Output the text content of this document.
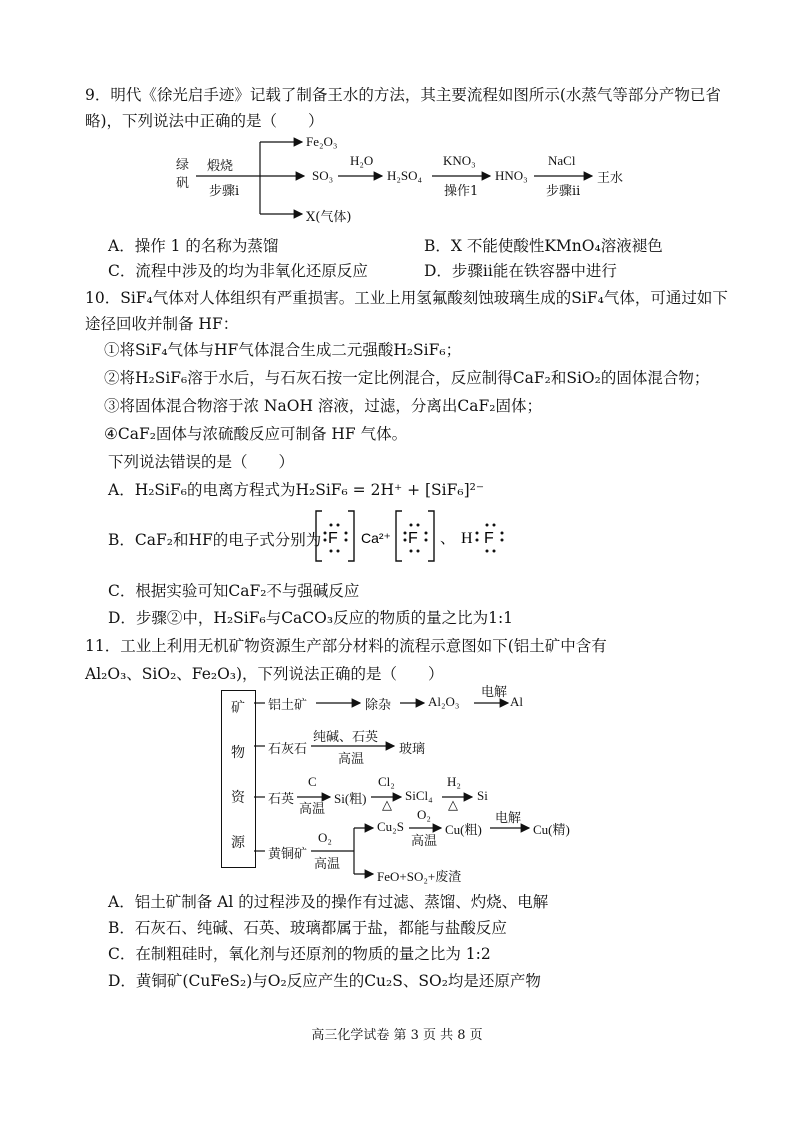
9．明代《徐光启手迹》记载了制备王水的方法，其主要流程如图所示(水蒸气等部分产物已省
略)，下列说法中正确的是（　　）
绿矾
煅烧
步骤i
Fe₂O₃
SO₃
H₂O
H₂SO₄
KNO₃
操作1
HNO₃
NaCl
步骤ii
王水
X(气体)
A．操作 1 的名称为蒸馏	B．X 不能使酸性KMnO₄溶液褪色
C．流程中涉及的均为非氧化还原反应	D．步骤ii能在铁容器中进行
10．SiF₄气体对人体组织有严重损害。工业上用氢氟酸刻蚀玻璃生成的SiF₄气体，可通过如下
途径回收并制备 HF：
①将SiF₄气体与HF气体混合生成二元强酸H₂SiF₆；
②将H₂SiF₆溶于水后，与石灰石按一定比例混合，反应制得CaF₂和SiO₂的固体混合物；
③将固体混合物溶于浓 NaOH 溶液，过滤，分离出CaF₂固体；
④CaF₂固体与浓硫酸反应可制备 HF 气体。
下列说法错误的是（　　）
A．H₂SiF₆的电离方程式为H₂SiF₆ = 2H⁺ + [SiF₆]²⁻
B．CaF₂和HF的电子式分别为 F Ca²⁺ F 、 H F
C．根据实验可知CaF₂不与强碱反应
D．步骤②中，H₂SiF₆与CaCO₃反应的物质的量之比为1:1
11．工业上利用无机矿物资源生产部分材料的流程示意图如下(铝土矿中含有
Al₂O₃、SiO₂、Fe₂O₃)，下列说法正确的是（　　）
矿
物
资
源
铝土矿	除杂	Al₂O₃
电解
Al
石灰石
纯碱、石英
高温
玻璃
石英
C
高温
Si(粗)
Cl₂
△
SiCl₄
H₂
△
Si
黄铜矿
O₂
高温
Cu₂S
O₂
高温
Cu(粗)
电解
Cu(精)
FeO+SO₂+废渣
A．铝土矿制备 Al 的过程涉及的操作有过滤、蒸馏、灼烧、电解
B．石灰石、纯碱、石英、玻璃都属于盐，都能与盐酸反应
C．在制粗硅时，氧化剂与还原剂的物质的量之比为 1:2
D．黄铜矿(CuFeS₂)与O₂反应产生的Cu₂S、SO₂均是还原产物
高三化学试卷 第 3 页 共 8 页
